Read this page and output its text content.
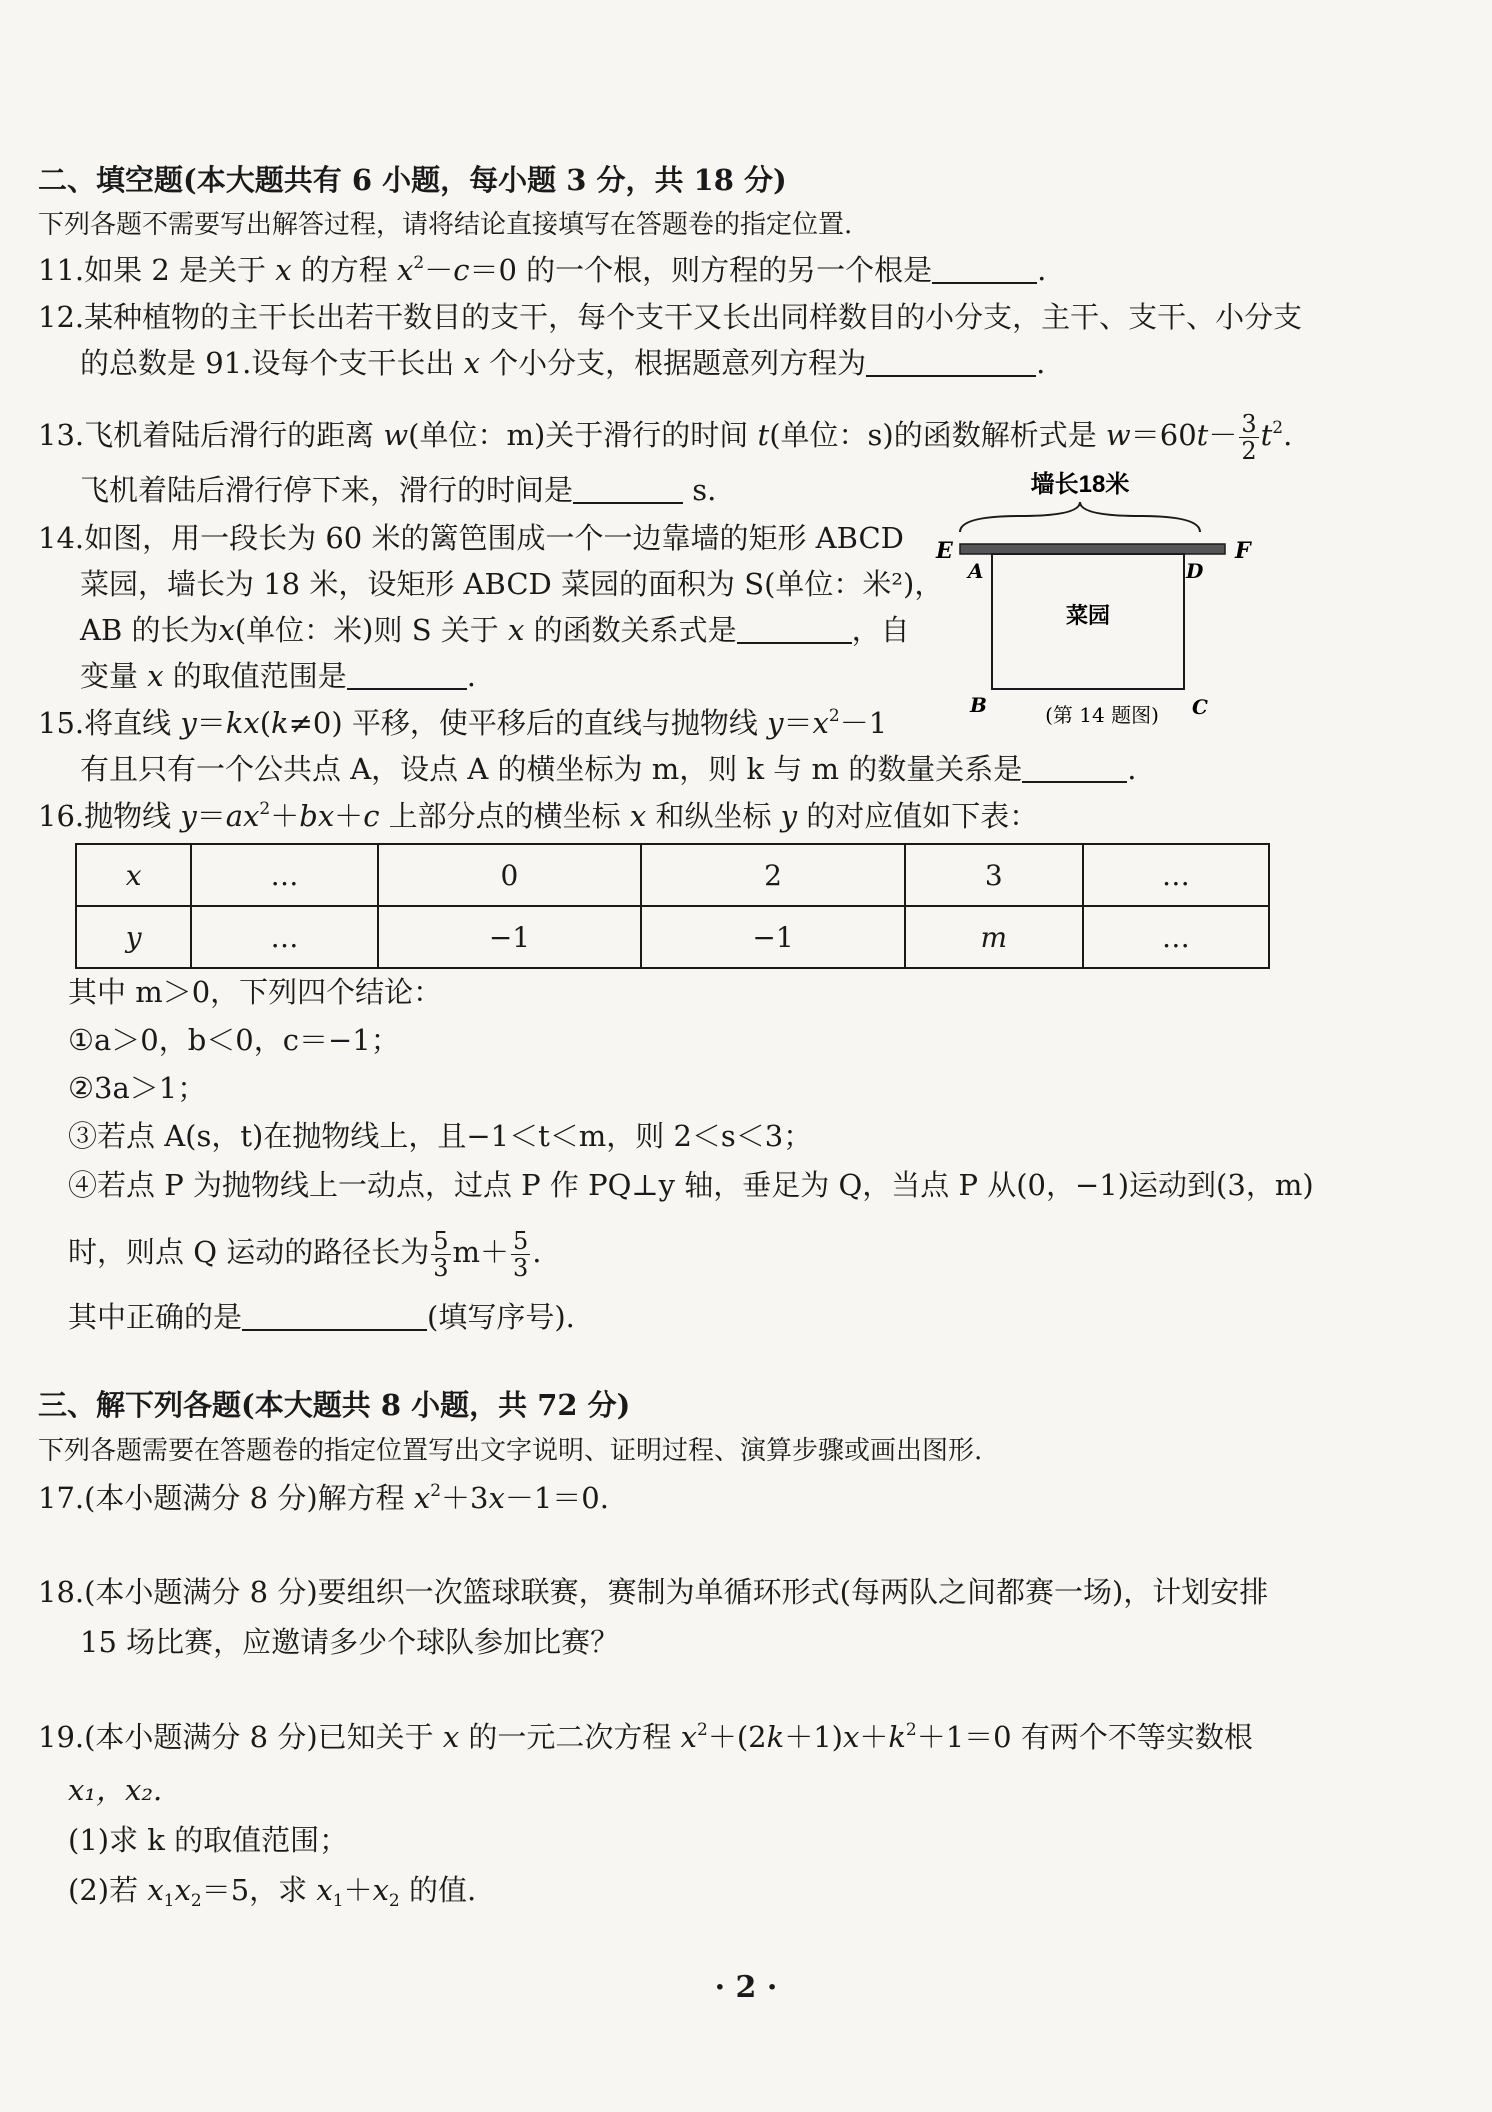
二、填空题(本大题共有 6 小题，每小题 3 分，共 18 分)
下列各题不需要写出解答过程，请将结论直接填写在答题卷的指定位置.
11.如果 2 是关于 x 的方程 $x^2-c=0$ 的一个根，则方程的另一个根是	.
12.某种植物的主干长出若干数目的支干，每个支干又长出同样数目的小分支，主干、支干、小分支
的总数是 91.设每个支干长出 x 个小分支，根据题意列方程为	.
13.飞机着陆后滑行的距离 w(单位：m)关于滑行的时间 t(单位：s)的函数解析式是 $w=60t- \frac{3}{2} t^2$.
飞机着陆后滑行停下来，滑行的时间是	s.
14.如图，用一段长为 60 米的篱笆围成一个一边靠墙的矩形 ABCD
菜园，墙长为 18 米，设矩形 ABCD 菜园的面积为 S(单位：米²)，
AB 的长为x(单位：米)则 S 关于 x 的函数关系式是	，自
变量 x 的取值范围是	.
墙长18米
E	F
A	D
B	C
菜园
(第 14 题图)
15.将直线 y＝kx(k≠0) 平移，使平移后的直线与抛物线 $y=x^2-1$
有且只有一个公共点 A，设点 A 的横坐标为 m，则 k 与 m 的数量关系是	.
16.抛物线 $y=ax^2+bx+c$ 上部分点的横坐标 x 和纵坐标 y 的对应值如下表：
x	…	0	2	3	…
y	…	−1	−1	m	…
其中 m＞0，下列四个结论：
①a＞0，b＜0，c＝−1；
②3a＞1；
③若点 A(s，t)在抛物线上，且−1＜t＜m，则 2＜s＜3；
④若点 P 为抛物线上一动点，过点 P 作 PQ⊥y 轴，垂足为 Q，当点 P 从(0，−1)运动到(3，m)
时，则点 Q 运动的路径长为 $\frac{5}{3} m+ \frac{5}{3}$ .
其中正确的是	(填写序号).
三、解下列各题(本大题共 8 小题，共 72 分)
下列各题需要在答题卷的指定位置写出文字说明、证明过程、演算步骤或画出图形.
17.(本小题满分 8 分)解方程 $x^2+3x-1=0$.
18.(本小题满分 8 分)要组织一次篮球联赛，赛制为单循环形式(每两队之间都赛一场)，计划安排
15 场比赛，应邀请多少个球队参加比赛？
19.(本小题满分 8 分)已知关于 x 的一元二次方程 $x^2+(2k+1)x+k^2+1=0$ 有两个不等实数根
x₁，x₂.
(1)求 k 的取值范围；
(2)若 $x_1x_2=5$，求 $x_1+x_2$ 的值.
· 2 ·
